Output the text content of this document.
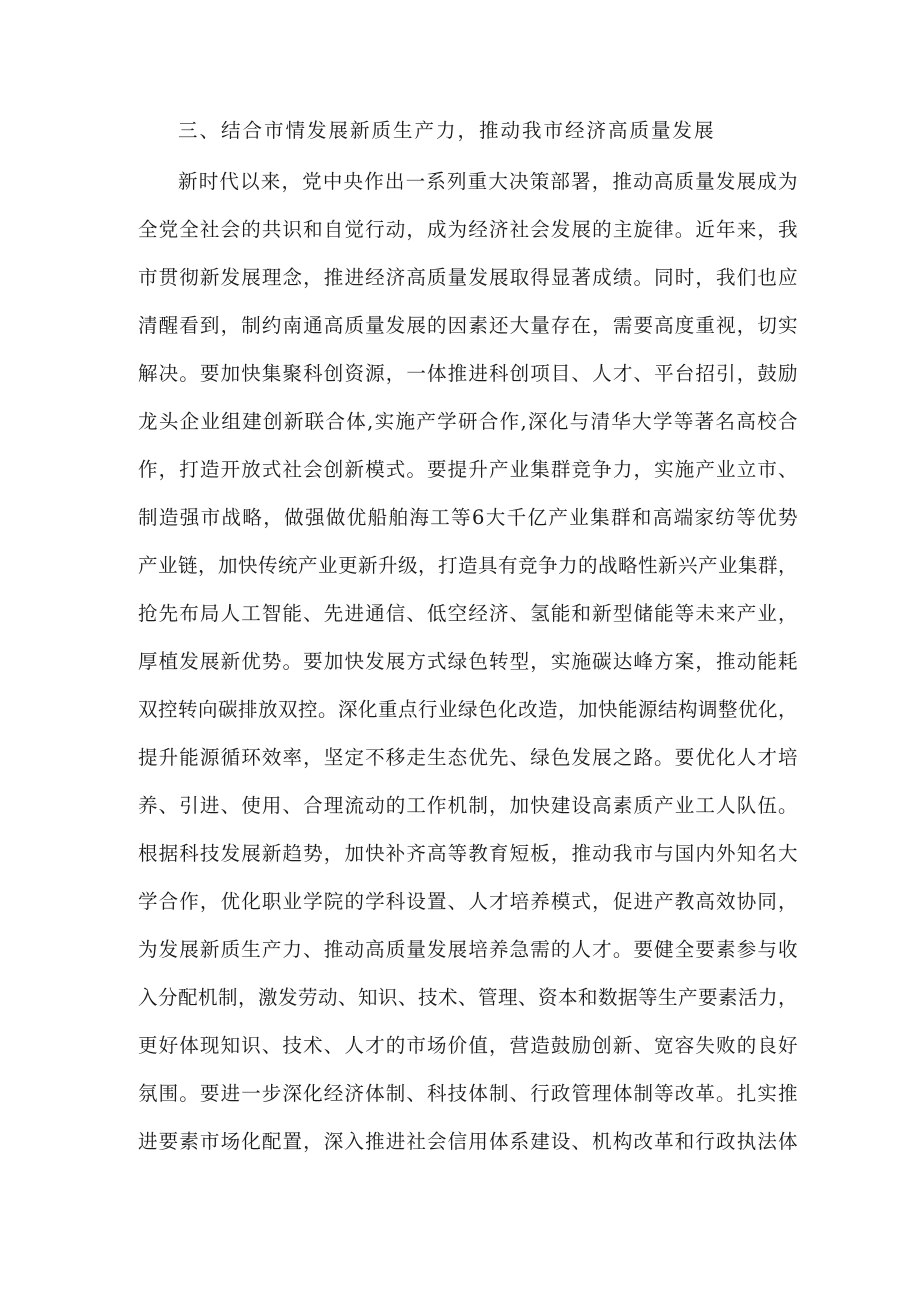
三、结合市情发展新质生产力，推动我市经济高质量发展
新时代以来，党中央作出一系列重大决策部署，推动高质量发展成为
全党全社会的共识和自觉行动，成为经济社会发展的主旋律。近年来，我
市贯彻新发展理念，推进经济高质量发展取得显著成绩。同时，我们也应
清醒看到，制约南通高质量发展的因素还大量存在，需要高度重视，切实
解决。要加快集聚科创资源，一体推进科创项目、人才、平台招引，鼓励
龙头企业组建创新联合体,实施产学研合作,深化与清华大学等著名高校合
作，打造开放式社会创新模式。要提升产业集群竞争力，实施产业立市、
制造强市战略，做强做优船舶海工等6大千亿产业集群和高端家纺等优势
产业链，加快传统产业更新升级，打造具有竞争力的战略性新兴产业集群，
抢先布局人工智能、先进通信、低空经济、氢能和新型储能等未来产业，
厚植发展新优势。要加快发展方式绿色转型，实施碳达峰方案，推动能耗
双控转向碳排放双控。深化重点行业绿色化改造，加快能源结构调整优化，
提升能源循环效率，坚定不移走生态优先、绿色发展之路。要优化人才培
养、引进、使用、合理流动的工作机制，加快建设高素质产业工人队伍。
根据科技发展新趋势，加快补齐高等教育短板，推动我市与国内外知名大
学合作，优化职业学院的学科设置、人才培养模式，促进产教高效协同，
为发展新质生产力、推动高质量发展培养急需的人才。要健全要素参与收
入分配机制，激发劳动、知识、技术、管理、资本和数据等生产要素活力，
更好体现知识、技术、人才的市场价值，营造鼓励创新、宽容失败的良好
氛围。要进一步深化经济体制、科技体制、行政管理体制等改革。扎实推
进要素市场化配置，深入推进社会信用体系建设、机构改革和行政执法体
